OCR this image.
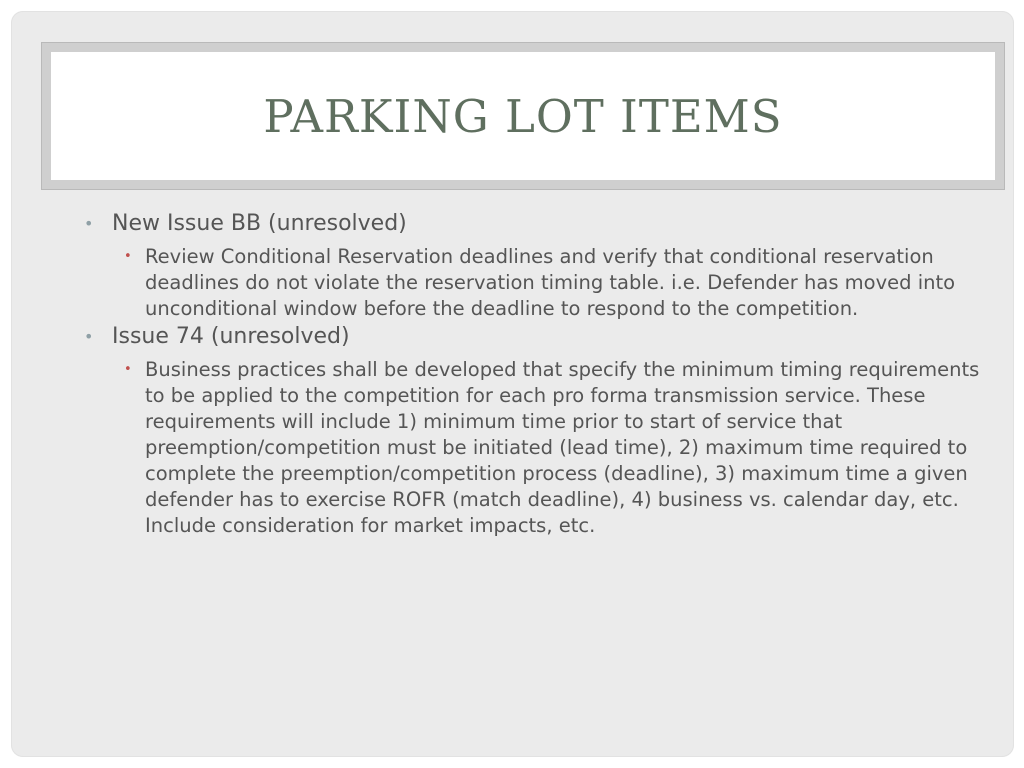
PARKING LOT ITEMS
• New Issue BB (unresolved)
• Review Conditional Reservation deadlines and verify that conditional reservation deadlines do not violate the reservation timing table. i.e. Defender has moved into unconditional window before the deadline to respond to the competition.
• Issue 74 (unresolved)
• Business practices shall be developed that specify the minimum timing requirements to be applied to the competition for each pro forma transmission service. These requirements will include 1) minimum time prior to start of service that preemption/competition must be initiated (lead time), 2) maximum time required to complete the preemption/competition process (deadline), 3) maximum time a given defender has to exercise ROFR (match deadline), 4) business vs. calendar day, etc. Include consideration for market impacts, etc.
